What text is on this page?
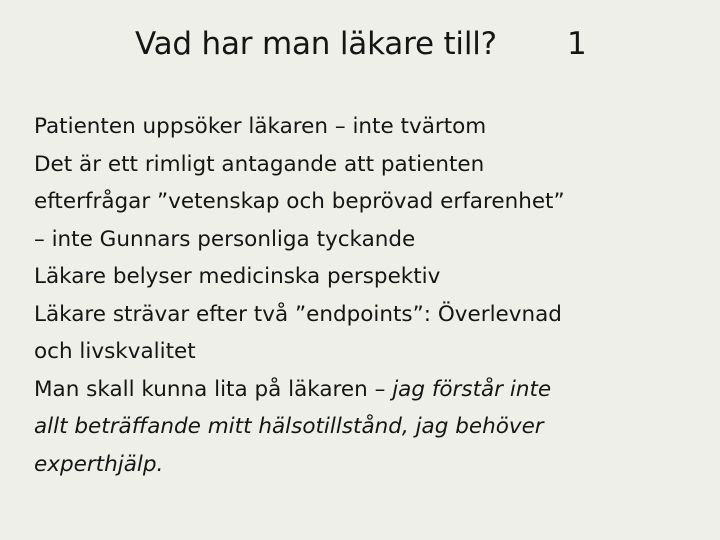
Vad har man läkare till? 1
Patienten uppsöker läkaren – inte tvärtom
Det är ett rimligt antagande att patienten
efterfrågar ”vetenskap och beprövad erfarenhet”
– inte Gunnars personliga tyckande
Läkare belyser medicinska perspektiv
Läkare strävar efter två ”endpoints”: Överlevnad
och livskvalitet
Man skall kunna lita på läkaren – jag förstår inte
allt beträffande mitt hälsotillstånd, jag behöver
experthjälp.
